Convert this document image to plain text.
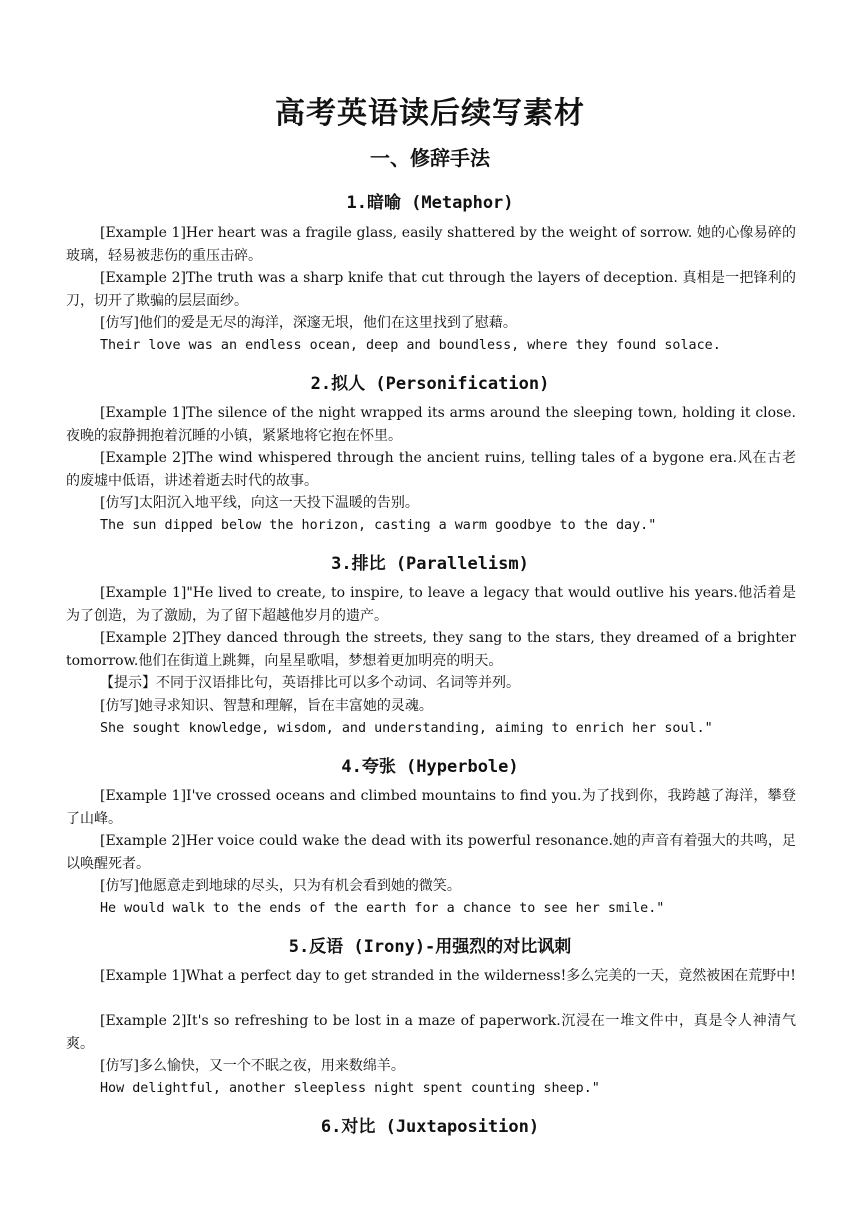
高考英语读后续写素材
一、修辞手法
1.暗喻 (Metaphor)
[Example 1]Her heart was a fragile glass, easily shattered by the weight of sorrow. 她的心像易碎的玻璃，轻易被悲伤的重压击碎。
[Example 2]The truth was a sharp knife that cut through the layers of deception. 真相是一把锋利的刀，切开了欺骗的层层面纱。
[仿写]他们的爱是无尽的海洋，深邃无垠，他们在这里找到了慰藉。
Their love was an endless ocean, deep and boundless, where they found solace.
2.拟人 (Personification)
[Example 1]The silence of the night wrapped its arms around the sleeping town, holding it close.夜晚的寂静拥抱着沉睡的小镇，紧紧地将它抱在怀里。
[Example 2]The wind whispered through the ancient ruins, telling tales of a bygone era.风在古老的废墟中低语，讲述着逝去时代的故事。
[仿写]太阳沉入地平线，向这一天投下温暖的告别。
The sun dipped below the horizon, casting a warm goodbye to the day."
3.排比 (Parallelism)
[Example 1]"He lived to create, to inspire, to leave a legacy that would outlive his years.他活着是为了创造，为了激励，为了留下超越他岁月的遗产。
[Example 2]They danced through the streets, they sang to the stars, they dreamed of a brighter tomorrow.他们在街道上跳舞，向星星歌唱，梦想着更加明亮的明天。
【提示】不同于汉语排比句，英语排比可以多个动词、名词等并列。
[仿写]她寻求知识、智慧和理解，旨在丰富她的灵魂。
She sought knowledge, wisdom, and understanding, aiming to enrich her soul."
4.夸张 (Hyperbole)
[Example 1]I've crossed oceans and climbed mountains to find you.为了找到你，我跨越了海洋，攀登了山峰。
[Example 2]Her voice could wake the dead with its powerful resonance.她的声音有着强大的共鸣，足以唤醒死者。
[仿写]他愿意走到地球的尽头，只为有机会看到她的微笑。
He would walk to the ends of the earth for a chance to see her smile."
5.反语 (Irony)-用强烈的对比讽刺
[Example 1]What a perfect day to get stranded in the wilderness!多么完美的一天，竟然被困在荒野中!
[Example 2]It's so refreshing to be lost in a maze of paperwork.沉浸在一堆文件中，真是令人神清气爽。
[仿写]多么愉快，又一个不眠之夜，用来数绵羊。
How delightful, another sleepless night spent counting sheep."
6.对比 (Juxtaposition)
